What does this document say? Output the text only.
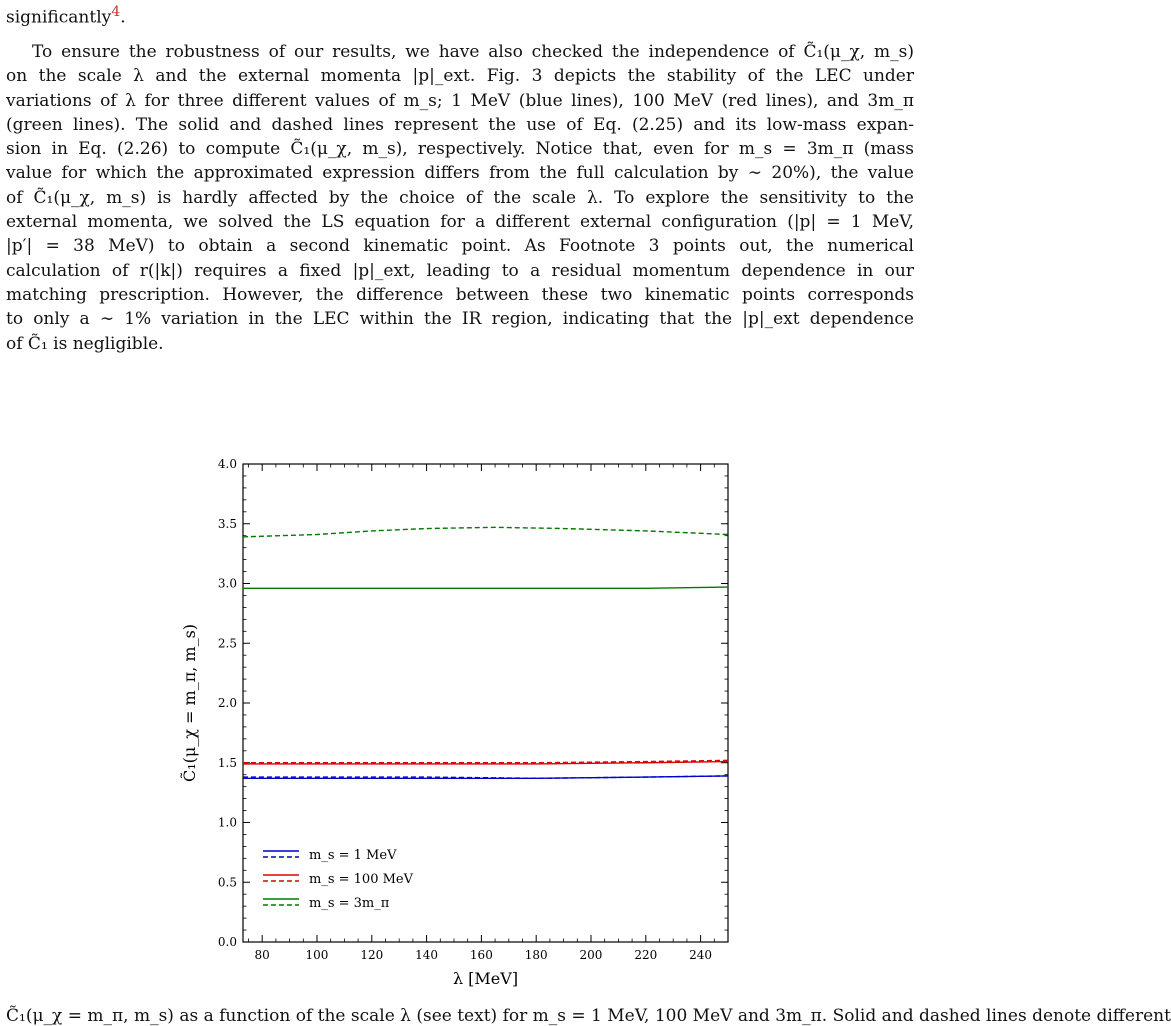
significantly$^4$.
To ensure the robustness of our results, we have also checked the independence of C̃₁(μ_χ, m_s)
on the scale λ and the external momenta |p|_ext. Fig. 3 depicts the stability of the LEC under
variations of λ for three different values of m_s; 1 MeV (blue lines), 100 MeV (red lines), and 3m_π
(green lines). The solid and dashed lines represent the use of Eq. (2.25) and its low-mass expan-
sion in Eq. (2.26) to compute C̃₁(μ_χ, m_s), respectively. Notice that, even for m_s = 3m_π (mass
value for which the approximated expression differs from the full calculation by ∼ 20%), the value
of C̃₁(μ_χ, m_s) is hardly affected by the choice of the scale λ. To explore the sensitivity to the
external momenta, we solved the LS equation for a different external configuration (|p| = 1 MeV,
|p′| = 38 MeV) to obtain a second kinematic point. As Footnote 3 points out, the numerical
calculation of r(|k|) requires a fixed |p|_ext, leading to a residual momentum dependence in our
matching prescription. However, the difference between these two kinematic points corresponds
to only a ∼ 1% variation in the LEC within the IR region, indicating that the |p|_ext dependence
of C̃₁ is negligible.
80	100	120	140	160	180	200	220	240
0.0
0.5
1.0
1.5
2.0
2.5
3.0
3.5
4.0
λ [MeV]
C̃₁(μ_χ = m_π, m_s)
m_s = 1 MeV
m_s = 100 MeV
m_s = 3m_π
C̃₁(μ_χ = m_π, m_s) as a function of the scale λ (see text) for m_s = 1 MeV, 100 MeV and 3m_π. Solid and dashed lines denote different
